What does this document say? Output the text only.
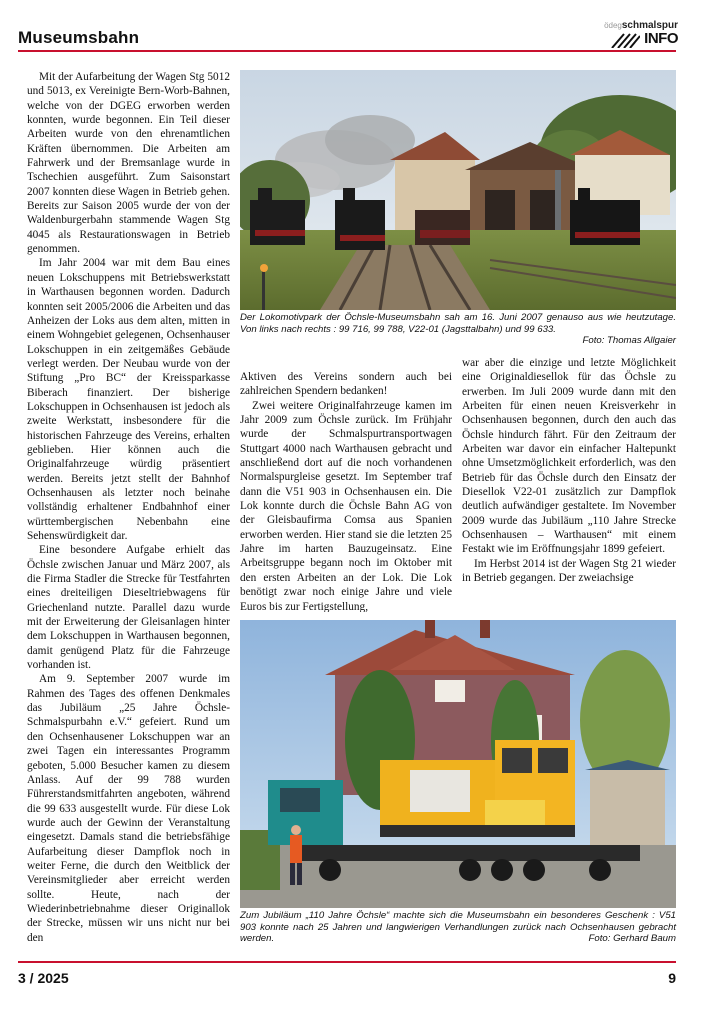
Museumsbahn
ödegschmalspur
INFO

Mit der Aufarbeitung der Wagen Stg 5012 und 5013, ex Vereinigte Bern-Worb-Bahnen, welche von der DGEG erworben werden konnten, wurde begonnen. Ein Teil dieser Arbeiten wurde von den ehrenamtlichen Kräften übernommen. Die Arbeiten am Fahrwerk und der Bremsanlage wurde in Tschechien ausgeführt. Zum Saisonstart 2007 konnten diese Wagen in Betrieb gehen. Bereits zur Saison 2005 wurde der von der Waldenburgerbahn stammende Wagen Stg 4045 als Restaurationswagen in Betrieb genommen.

Im Jahr 2004 war mit dem Bau eines neuen Lokschuppens mit Betriebswerkstatt in Warthausen begonnen worden. Dadurch konnten seit 2005/2006 die Arbeiten und das Anheizen der Loks aus dem alten, mitten in einem Wohngebiet gelegenen, Ochsenhauser Lokschuppen in ein zeitgemäßes Gebäude verlegt werden. Der Neubau wurde von der Stiftung „Pro BC“ der Kreissparkasse Biberach finanziert. Der bisherige Lokschuppen in Ochsenhausen ist jedoch als zweite Werkstatt, insbesondere für die historischen Fahrzeuge des Vereins, erhalten geblieben. Hier können auch die Originalfahrzeuge würdig präsentiert werden. Bereits jetzt stellt der Bahnhof Ochsenhausen als letzter noch beinahe vollständig erhaltener Endbahnhof einer württembergischen Nebenbahn eine Sehenswürdigkeit dar.

Eine besondere Aufgabe erhielt das Öchsle zwischen Januar und März 2007, als die Firma Stadler die Strecke für Testfahrten eines dreiteiligen Dieseltriebwagens für Griechenland nutzte. Parallel dazu wurde mit der Erweiterung der Gleisanlagen hinter dem Lokschuppen in Warthausen begonnen, damit genügend Platz für die Fahrzeuge vorhanden ist.

Am 9. September 2007 wurde im Rahmen des Tages des offenen Denkmales das Jubiläum „25 Jahre Öchsle-Schmalspurbahn e.V.“ gefeiert. Rund um den Ochsenhausener Lokschuppen war an zwei Tagen ein interessantes Programm geboten, 5.000 Besucher kamen zu diesem Anlass. Auf der 99 788 wurden Führerstandsmitfahrten angeboten, während die 99 633 ausgestellt wurde. Für diese Lok wurde auch der Gewinn der Veranstaltung eingesetzt. Damals stand die betriebsfähige Aufarbeitung dieser Dampflok noch in weiter Ferne, die durch den Weitblick der Vereinsmitglieder aber erreicht werden sollte. Heute, nach der Wiederinbetriebnahme dieser Originallok der Strecke, müssen wir uns nicht nur bei den

Der Lokomotivpark der Öchsle-Museumsbahn sah am 16. Juni 2007 genauso aus wie heutzutage. Von links nach rechts : 99 716, 99 788, V22-01 (Jagsttalbahn) und 99 633.
Foto: Thomas Allgaier

Aktiven des Vereins sondern auch bei zahlreichen Spendern bedanken!

Zwei weitere Originalfahrzeuge kamen im Jahr 2009 zum Öchsle zurück. Im Frühjahr wurde der Schmalspurtransportwagen Stuttgart 4000 nach Warthausen gebracht und anschließend dort auf die noch vorhandenen Normalspurgleise gesetzt. Im September traf dann die V51 903 in Ochsenhausen ein. Die Lok konnte durch die Öchsle Bahn AG von der Gleisbaufirma Comsa aus Spanien erworben werden. Hier stand sie die letzten 25 Jahre im harten Bauzugeinsatz. Eine Arbeitsgruppe begann noch im Oktober mit den ersten Arbeiten an der Lok. Die Lok benötigt zwar noch einige Jahre und viele Euros bis zur Fertigstellung,

war aber die einzige und letzte Möglichkeit eine Originaldiesellok für das Öchsle zu erwerben. Im Juli 2009 wurde dann mit den Arbeiten für einen neuen Kreisverkehr in Ochsenhausen begonnen, durch den auch das Öchsle hindurch fährt. Für den Zeitraum der Arbeiten war davor ein einfacher Haltepunkt ohne Umsetzmöglichkeit erforderlich, was den Betrieb für das Öchsle durch den Einsatz der Diesellok V22-01 zusätzlich zur Dampflok deutlich aufwändiger gestaltete. Im November 2009 wurde das Jubiläum „110 Jahre Strecke Ochsenhausen – Warthausen“ mit einem Festakt wie im Eröffnungsjahr 1899 gefeiert.

Im Herbst 2014 ist der Wagen Stg 21 wieder in Betrieb gegangen. Der zweiachsige

Zum Jubiläum „110 Jahre Öchsle“ machte sich die Museumsbahn ein besonderes Geschenk : V51 903 konnte nach 25 Jahren und langwierigen Verhandlungen zurück nach Ochsenhausen gebracht werden.	Foto: Gerhard Baum
3 / 2025	9
